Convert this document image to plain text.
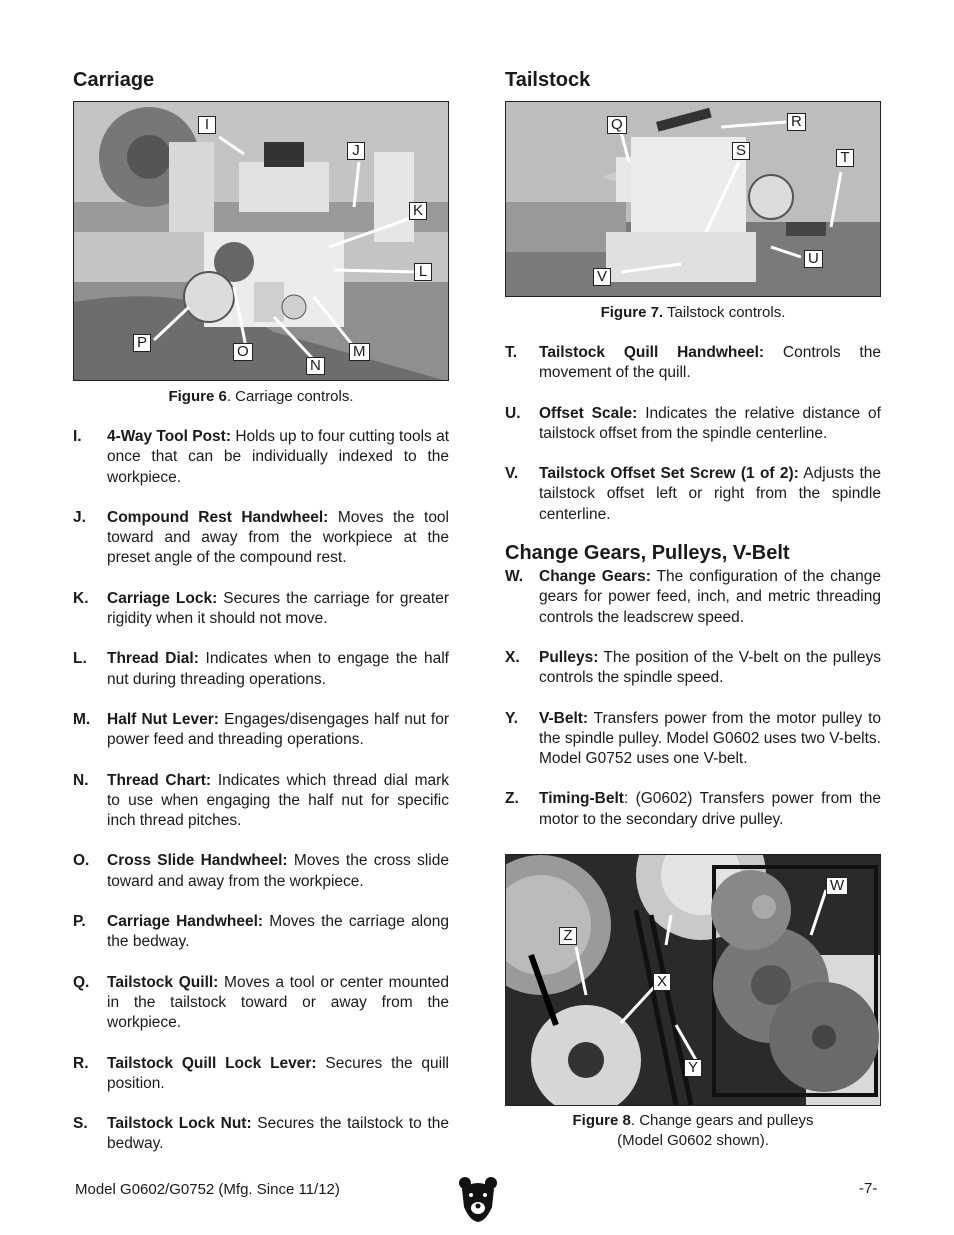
Carriage
I
J
K
L
M
N
O
P
Figure 6. Carriage controls.
I.	4-Way Tool Post: Holds up to four cutting tools at once that can be individually indexed to the workpiece.
J.	Compound Rest Handwheel: Moves the tool toward and away from the workpiece at the preset angle of the compound rest.
K.	Carriage Lock: Secures the carriage for greater rigidity when it should not move.
L.	Thread Dial: Indicates when to engage the half nut during threading operations.
M.	Half Nut Lever: Engages/disengages half nut for power feed and threading operations.
N.	Thread Chart: Indicates which thread dial mark to use when engaging the half nut for specific inch thread pitches.
O.	Cross Slide Handwheel: Moves the cross slide toward and away from the workpiece.
P.	Carriage Handwheel: Moves the carriage along the bedway.
Q.	Tailstock Quill: Moves a tool or center mounted in the tailstock toward or away from the workpiece.
R.	Tailstock Quill Lock Lever: Secures the quill position.
S.	Tailstock Lock Nut: Secures the tailstock to the bedway.
Tailstock
Q	R
S	T
U
V
Figure 7. Tailstock controls.
T.	Tailstock Quill Handwheel: Controls the movement of the quill.
U.	Offset Scale: Indicates the relative distance of tailstock offset from the spindle centerline.
V.	Tailstock Offset Set Screw (1 of 2): Adjusts the tailstock offset left or right from the spindle centerline.
Change Gears, Pulleys, V-Belt
W.	Change Gears: The configuration of the change gears for power feed, inch, and metric threading controls the leadscrew speed.
X.	Pulleys: The position of the V-belt on the pulleys controls the spindle speed.
Y.	V-Belt: Transfers power from the motor pulley to the spindle pulley. Model G0602 uses two V-belts. Model G0752 uses one V-belt.
Z.	Timing-Belt: (G0602) Transfers power from the motor to the secondary drive pulley.
W
Z
X
Y
Figure 8. Change gears and pulleys
(Model G0602 shown).
Model G0602/G0752 (Mfg. Since 11/12)	-7-
